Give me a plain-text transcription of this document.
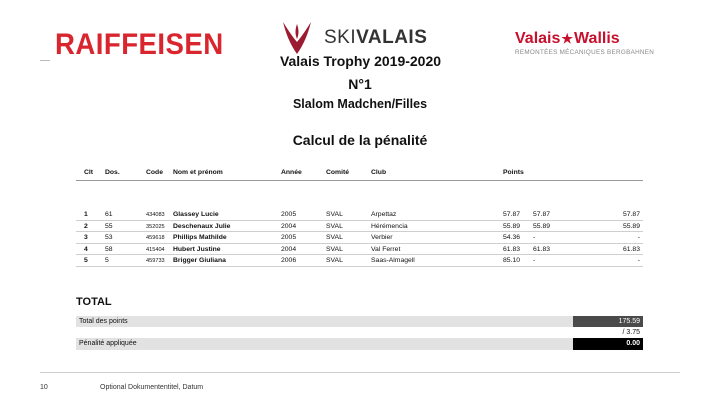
RAIFFEISEN	SKIVALAIS	Valais ★ Wallis
REMONTÉES MÉCANIQUES BERGBAHNEN
Valais Trophy 2019-2020
N°1
Slalom Madchen/Filles
Calcul de la pénalité
Clt Dos.	Code Nom et prénom	Année	Comité	Club	Points
1	61	434083 Glassey Lucie	2005	SVAL	Arpettaz	57.87 57.87	57.87
2	55	352025 Deschenaux Julie	2004	SVAL	Hérémencia	55.89 55.89	55.89
3	53	459618 Phillips Mathilde	2005	SVAL	Verbier	54.36 -	-
4	58	415404 Hubert Justine	2004	SVAL	Val Ferret	61.83 61.83	61.83
5	5	459733 Brigger Giuliana	2006	SVAL	Saas-Almagell	85.10 -	-
TOTAL
Total des points	175.59
/ 3.75
Pénalité appliquée	0.00
10	Optional Dokumententitel, Datum
